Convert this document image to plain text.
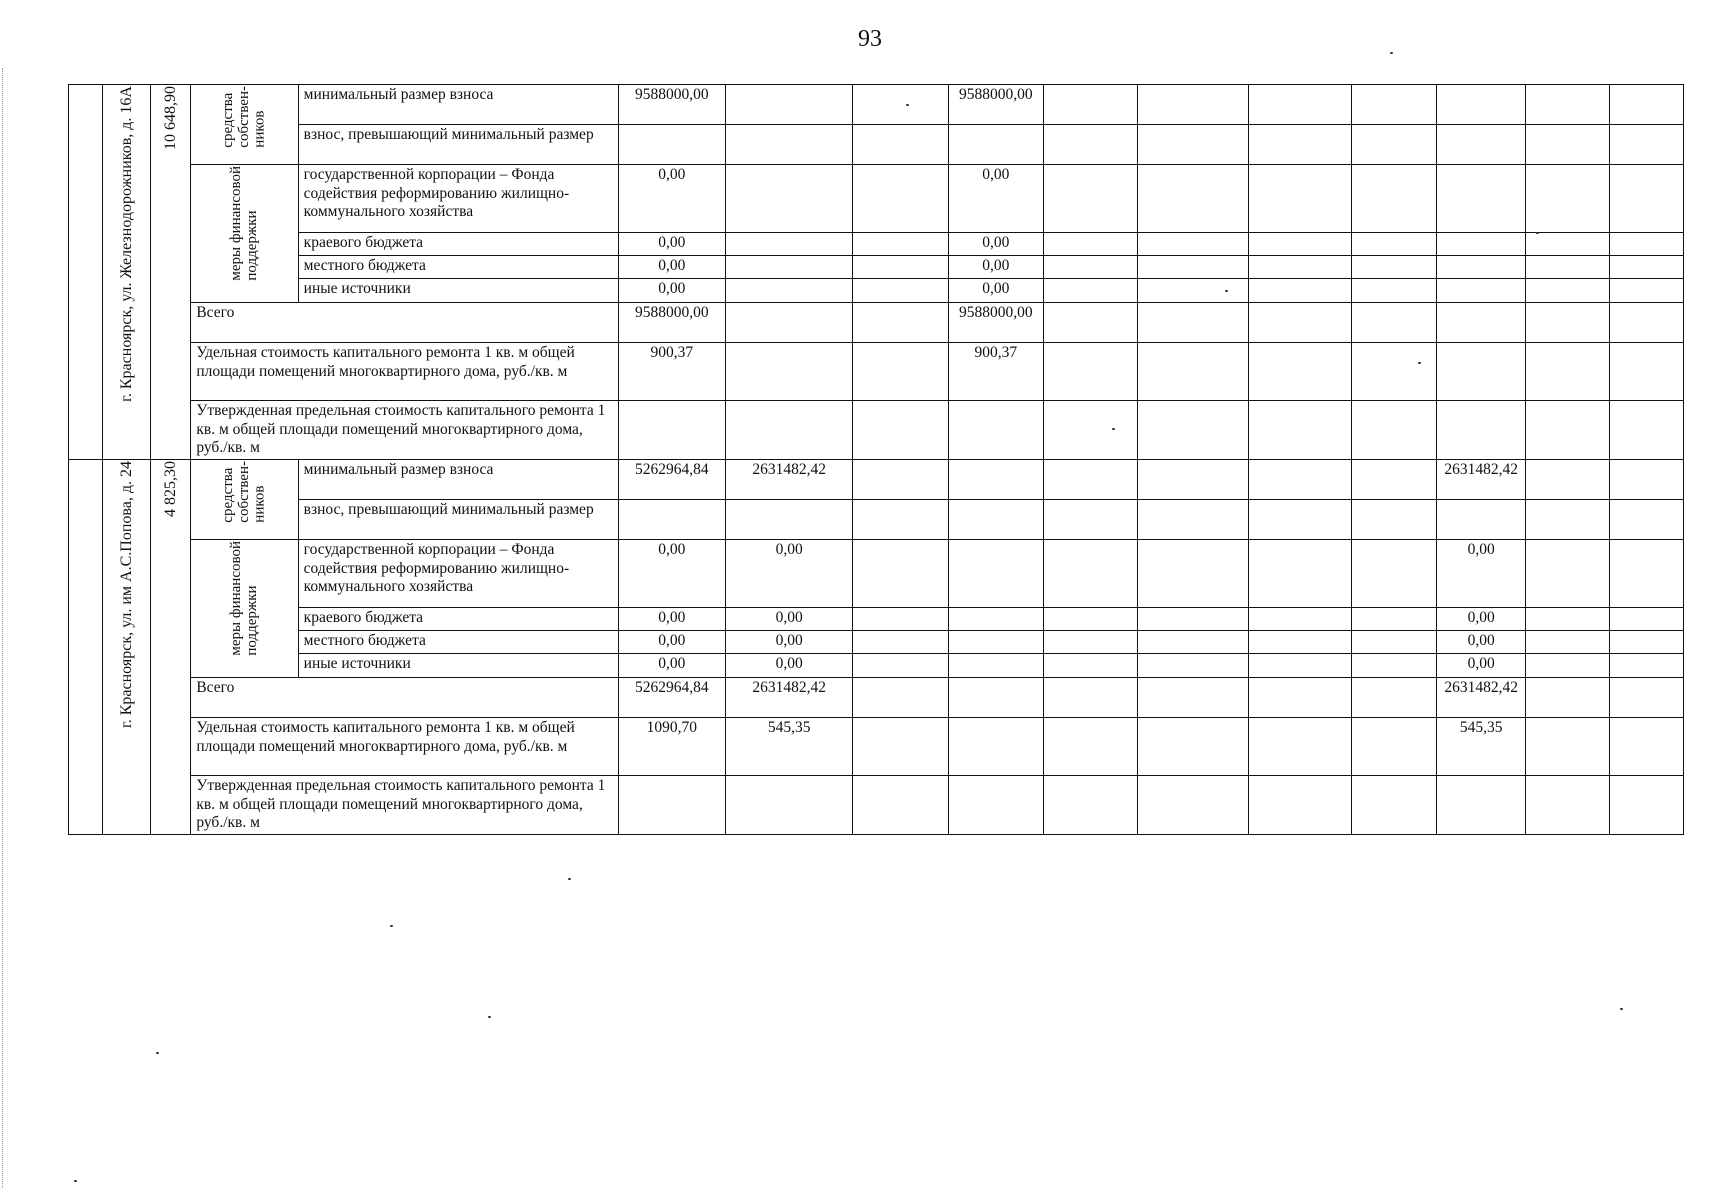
93
	г. Красноярск, ул. Железнодорожников, д. 16А	10 648,90	средства собствен- ников	минимальный размер взноса	9588000,00			9588000,00							
				взнос, превышающий минимальный размер											

			меры финансовой поддержки	государственной корпорации – Фонда содействия реформированию жилищно-коммунального хозяйства	0,00			0,00							
				краевого бюджета	0,00			0,00							
				местного бюджета	0,00			0,00							
				иные источники	0,00			0,00							
			Всего		9588000,00			9588000,00							
			Удельная стоимость капитального ремонта 1 кв. м общей площади помещений многоквартирного дома, руб./кв. м		900,37			900,37							
			Утвержденная предельная стоимость капитального ремонта 1 кв. м общей площади помещений многоквартирного дома, руб./кв. м												
	г. Красноярск, ул. им А.С.Попова, д. 24	4 825,30	средства собствен- ников	минимальный размер взноса	5262964,84	2631482,42							2631482,42		
				взнос, превышающий минимальный размер											

			меры финансовой поддержки	государственной корпорации – Фонда содействия реформированию жилищно-коммунального хозяйства	0,00	0,00							0,00		
				краевого бюджета	0,00	0,00							0,00		
				местного бюджета	0,00	0,00							0,00		
				иные источники	0,00	0,00							0,00		
			Всего		5262964,84	2631482,42							2631482,42		
			Удельная стоимость капитального ремонта 1 кв. м общей площади помещений многоквартирного дома, руб./кв. м		1090,70	545,35							545,35		
			Утвержденная предельная стоимость капитального ремонта 1 кв. м общей площади помещений многоквартирного дома, руб./кв. м												
